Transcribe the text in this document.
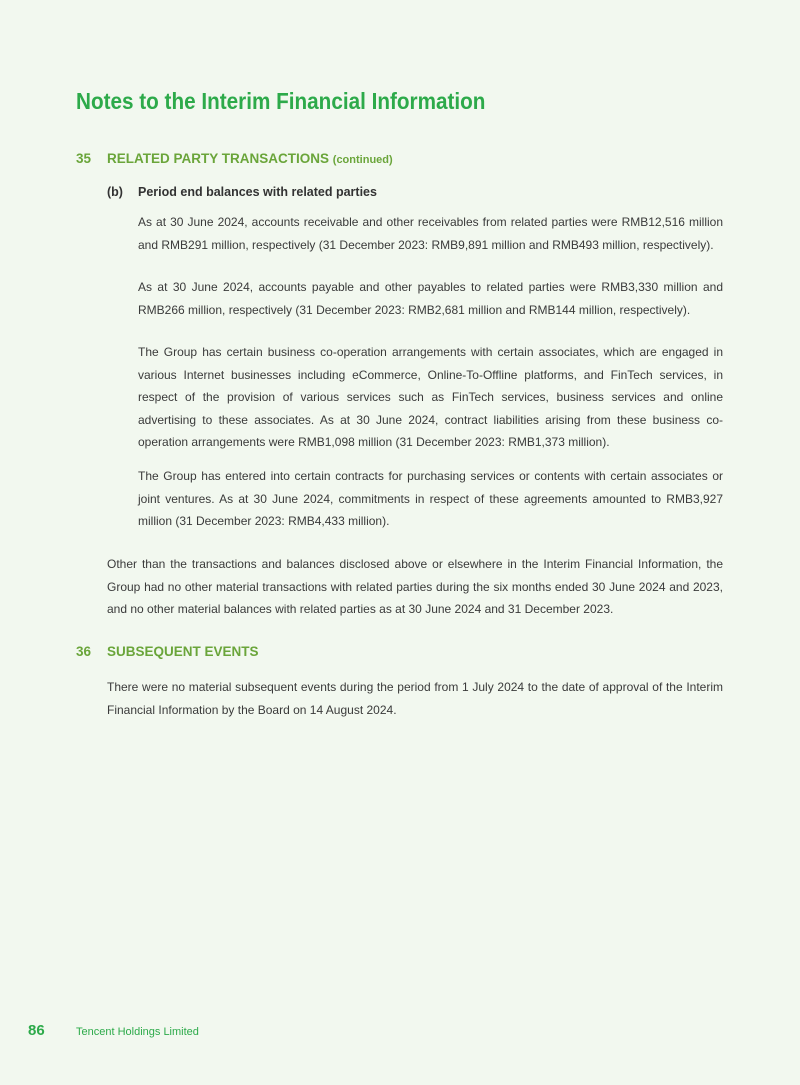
Notes to the Interim Financial Information
35 RELATED PARTY TRANSACTIONS (continued)
(b) Period end balances with related parties

As at 30 June 2024, accounts receivable and other receivables from related parties were RMB12,516 million and RMB291 million, respectively (31 December 2023: RMB9,891 million and RMB493 million, respectively).

As at 30 June 2024, accounts payable and other payables to related parties were RMB3,330 million and RMB266 million, respectively (31 December 2023: RMB2,681 million and RMB144 million, respectively).

The Group has certain business co-operation arrangements with certain associates, which are engaged in various Internet businesses including eCommerce, Online-To-Offline platforms, and FinTech services, in respect of the provision of various services such as FinTech services, business services and online advertising to these associates. As at 30 June 2024, contract liabilities arising from these business co-operation arrangements were RMB1,098 million (31 December 2023: RMB1,373 million).

The Group has entered into certain contracts for purchasing services or contents with certain associates or joint ventures. As at 30 June 2024, commitments in respect of these agreements amounted to RMB3,927 million (31 December 2023: RMB4,433 million).

Other than the transactions and balances disclosed above or elsewhere in the Interim Financial Information, the Group had no other material transactions with related parties during the six months ended 30 June 2024 and 2023, and no other material balances with related parties as at 30 June 2024 and 31 December 2023.

36 SUBSEQUENT EVENTS

There were no material subsequent events during the period from 1 July 2024 to the date of approval of the Interim Financial Information by the Board on 14 August 2024.

86	Tencent Holdings Limited
